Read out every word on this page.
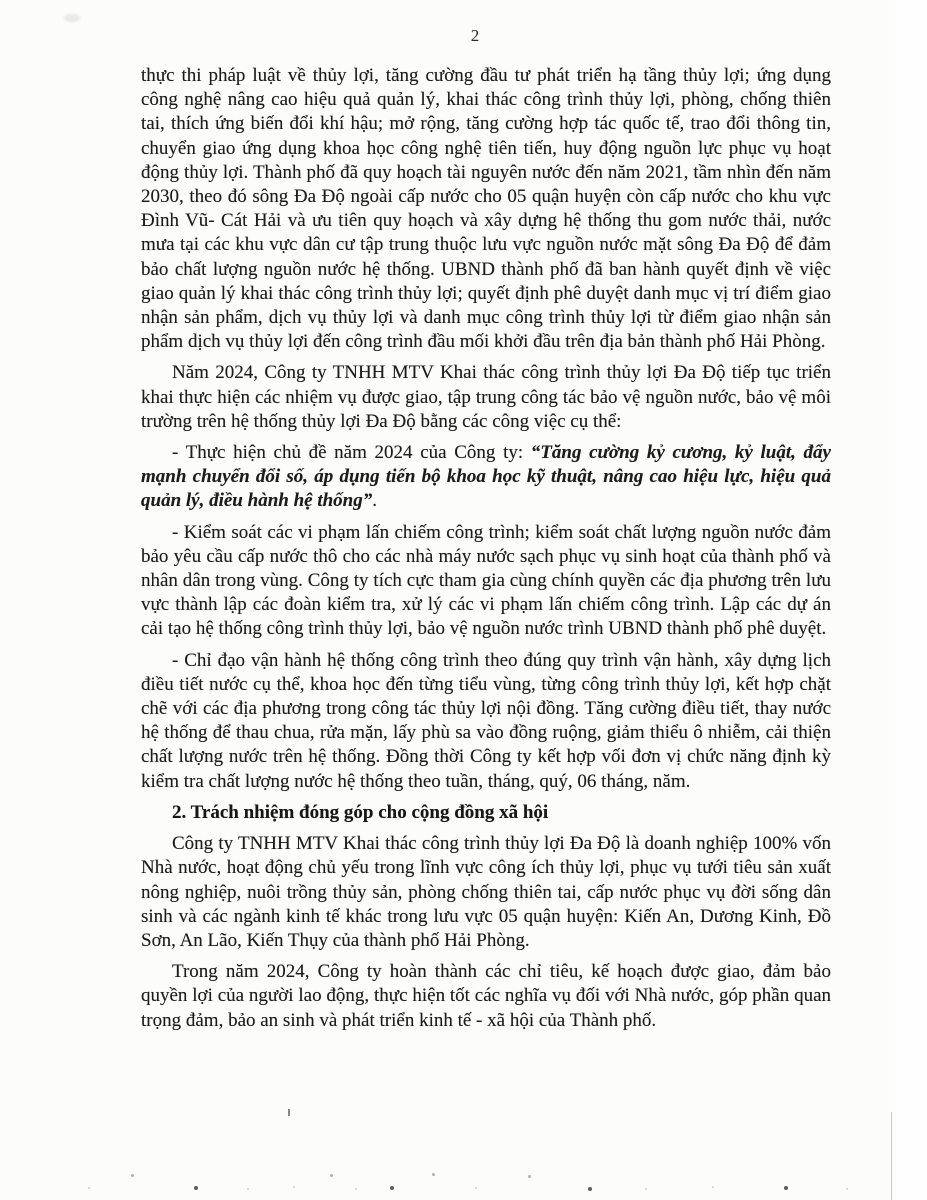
2

thực thi pháp luật về thủy lợi, tăng cường đầu tư phát triển hạ tầng thủy lợi; ứng dụng công nghệ nâng cao hiệu quả quản lý, khai thác công trình thủy lợi, phòng, chống thiên tai, thích ứng biến đổi khí hậu; mở rộng, tăng cường hợp tác quốc tế, trao đổi thông tin, chuyển giao ứng dụng khoa học công nghệ tiên tiến, huy động nguồn lực phục vụ hoạt động thủy lợi. Thành phố đã quy hoạch tài nguyên nước đến năm 2021, tầm nhìn đến năm 2030, theo đó sông Đa Độ ngoài cấp nước cho 05 quận huyện còn cấp nước cho khu vực Đình Vũ- Cát Hải và ưu tiên quy hoạch và xây dựng hệ thống thu gom nước thải, nước mưa tại các khu vực dân cư tập trung thuộc lưu vực nguồn nước mặt sông Đa Độ để đảm bảo chất lượng nguồn nước hệ thống. UBND thành phố đã ban hành quyết định về việc giao quản lý khai thác công trình thủy lợi; quyết định phê duyệt danh mục vị trí điểm giao nhận sản phẩm, dịch vụ thủy lợi và danh mục công trình thủy lợi từ điểm giao nhận sản phẩm dịch vụ thủy lợi đến công trình đầu mối khởi đầu trên địa bản thành phố Hải Phòng.

Năm 2024, Công ty TNHH MTV Khai thác công trình thủy lợi Đa Độ tiếp tục triển khai thực hiện các nhiệm vụ được giao, tập trung công tác bảo vệ nguồn nước, bảo vệ môi trường trên hệ thống thủy lợi Đa Độ bằng các công việc cụ thể:

- Thực hiện chủ đề năm 2024 của Công ty: “Tăng cường kỷ cương, kỷ luật, đẩy mạnh chuyển đổi số, áp dụng tiến bộ khoa học kỹ thuật, nâng cao hiệu lực, hiệu quả quản lý, điều hành hệ thống”.

- Kiểm soát các vi phạm lấn chiếm công trình; kiểm soát chất lượng nguồn nước đảm bảo yêu cầu cấp nước thô cho các nhà máy nước sạch phục vụ sinh hoạt của thành phố và nhân dân trong vùng. Công ty tích cực tham gia cùng chính quyền các địa phương trên lưu vực thành lập các đoàn kiểm tra, xử lý các vi phạm lấn chiếm công trình. Lập các dự án cải tạo hệ thống công trình thủy lợi, bảo vệ nguồn nước trình UBND thành phố phê duyệt.

- Chỉ đạo vận hành hệ thống công trình theo đúng quy trình vận hành, xây dựng lịch điều tiết nước cụ thể, khoa học đến từng tiểu vùng, từng công trình thủy lợi, kết hợp chặt chẽ với các địa phương trong công tác thủy lợi nội đồng. Tăng cường điều tiết, thay nước hệ thống để thau chua, rửa mặn, lấy phù sa vào đồng ruộng, giảm thiểu ô nhiễm, cải thiện chất lượng nước trên hệ thống. Đồng thời Công ty kết hợp vối đơn vị chức năng định kỳ kiểm tra chất lượng nước hệ thống theo tuần, tháng, quý, 06 tháng, năm.

2. Trách nhiệm đóng góp cho cộng đồng xã hội

Công ty TNHH MTV Khai thác công trình thủy lợi Đa Độ là doanh nghiệp 100% vốn Nhà nước, hoạt động chủ yếu trong lĩnh vực công ích thủy lợi, phục vụ tưới tiêu sản xuất nông nghiệp, nuôi trồng thủy sản, phòng chống thiên tai, cấp nước phục vụ đời sống dân sinh và các ngành kinh tế khác trong lưu vực 05 quận huyện: Kiến An, Dương Kinh, Đồ Sơn, An Lão, Kiến Thụy của thành phố Hải Phòng.

Trong năm 2024, Công ty hoàn thành các chỉ tiêu, kế hoạch được giao, đảm bảo quyền lợi của người lao động, thực hiện tốt các nghĩa vụ đối với Nhà nước, góp phần quan trọng đảm, bảo an sinh và phát triển kinh tế - xã hội của Thành phố.
